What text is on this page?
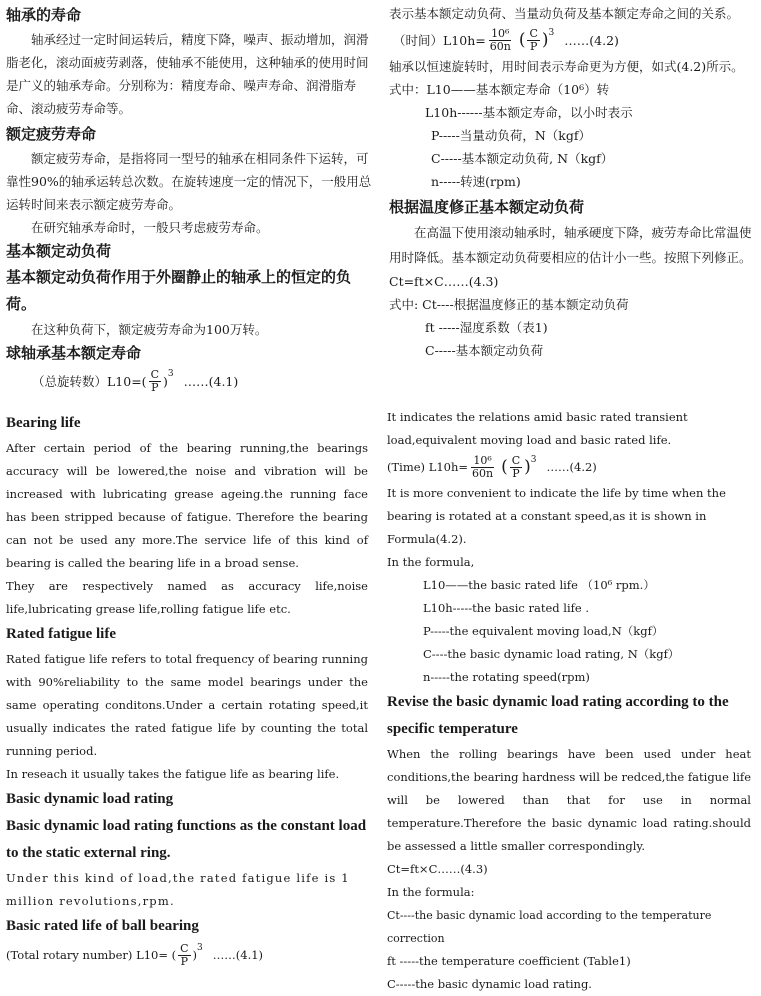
轴承的寿命

轴承经过一定时间运转后，精度下降，噪声、振动增加，润滑脂老化，滚动面疲劳剥落，使轴承不能使用，这种轴承的使用时间是广义的轴承寿命。分别称为：精度寿命、噪声寿命、润滑脂寿命、滚动疲劳寿命等。

额定疲劳寿命

额定疲劳寿命，是指将同一型号的轴承在相同条件下运转，可靠性90%的轴承运转总次数。在旋转速度一定的情况下，一般用总运转时间来表示额定疲劳寿命。

在研究轴承寿命时，一般只考虑疲劳寿命。

基本额定动负荷
基本额定动负荷作用于外圈静止的轴承上的恒定的负荷。

在这种负荷下，额定疲劳寿命为100万转。

球轴承基本额定寿命
（总旋转数）$L10=( \frac{C}{P}$ ) 3 ……(4.1)

表示基本额定动负荷、当量动负荷及基本额定寿命之间的关系。

（时间）$L10h= \frac{\text{10⁶}}{60n}$ ( $\frac{C}{P}$ ) 3 ……(4.2)

轴承以恒速旋转时，用时间表示寿命更为方便，如式(4.2)所示。

式中：L10——基本额定寿命（10⁶）转

L10h------基本额定寿命，以小时表示

P-----当量动负荷，N（kgf）

C-----基本额定动负荷, N（kgf）

n-----转速(rpm)

根据温度修正基本额定动负荷

在高温下使用滚动轴承时，轴承硬度下降，疲劳寿命比常温使用时降低。基本额定动负荷要相应的估计小一些。按照下列修正。

Ct=ft×C……(4.3)

式中: Ct----根据温度修正的基本额定动负荷

ft -----湿度系数（表1)

C-----基本额定动负荷

Bearing life

After certain period of the bearing running,the bearings accuracy will be lowered,the noise and vibration will be increased with lubricating grease ageing.the running face has been stripped because of fatigue. Therefore the bearing can not be used any more.The service life of this kind of bearing is called the bearing life in a broad sense.

They are respectively named as accuracy life,noise life,lubricating grease life,rolling fatigue life etc.

Rated fatigue life

Rated fatigue life refers to total frequency of bearing running with 90%reliability to the same model bearings under the same operating conditons.Under a certain rotating speed,it usually indicates the rated fatigue life by counting the total running period.

In reseach it usually takes the fatigue life as bearing life.

Basic dynamic load rating
Basic dynamic load rating functions as the constant load to the static external ring.

Under this kind of load,the rated fatigue life is 1 million revolutions,rpm.

Basic rated life of ball bearing
(Total rotary number) L10= ( $\frac{C}{P}$ ) 3 ……(4.1)

It indicates the relations amid basic rated transient load,equivalent moving load and basic rated life.

(Time) $L10h= \frac{\text{10⁶}}{60n}$ ( $\frac{C}{P}$ ) 3 ……(4.2)

It is more convenient to indicate the life by time when the bearing is rotated at a constant speed,as it is shown in Formula(4.2).

In the formula,

L10——the basic rated life （10⁶ rpm.）

L10h-----the basic rated life .

P-----the equivalent moving load,N（kgf）

C----the basic dynamic load rating, N（kgf）

n-----the rotating speed(rpm)

Revise the basic dynamic load rating according to the specific temperature

When the rolling bearings have been used under heat conditions,the bearing hardness will be redced,the fatigue life will be lowered than that for use in normal temperature.Therefore the basic dynamic load rating.should be assessed a little smaller correspondingly.

Ct=ft×C……(4.3)

In the formula:

Ct----the basic dynamic load according to the temperature correction

ft -----the temperature coefficient (Table1)

C-----the basic dynamic load rating.
